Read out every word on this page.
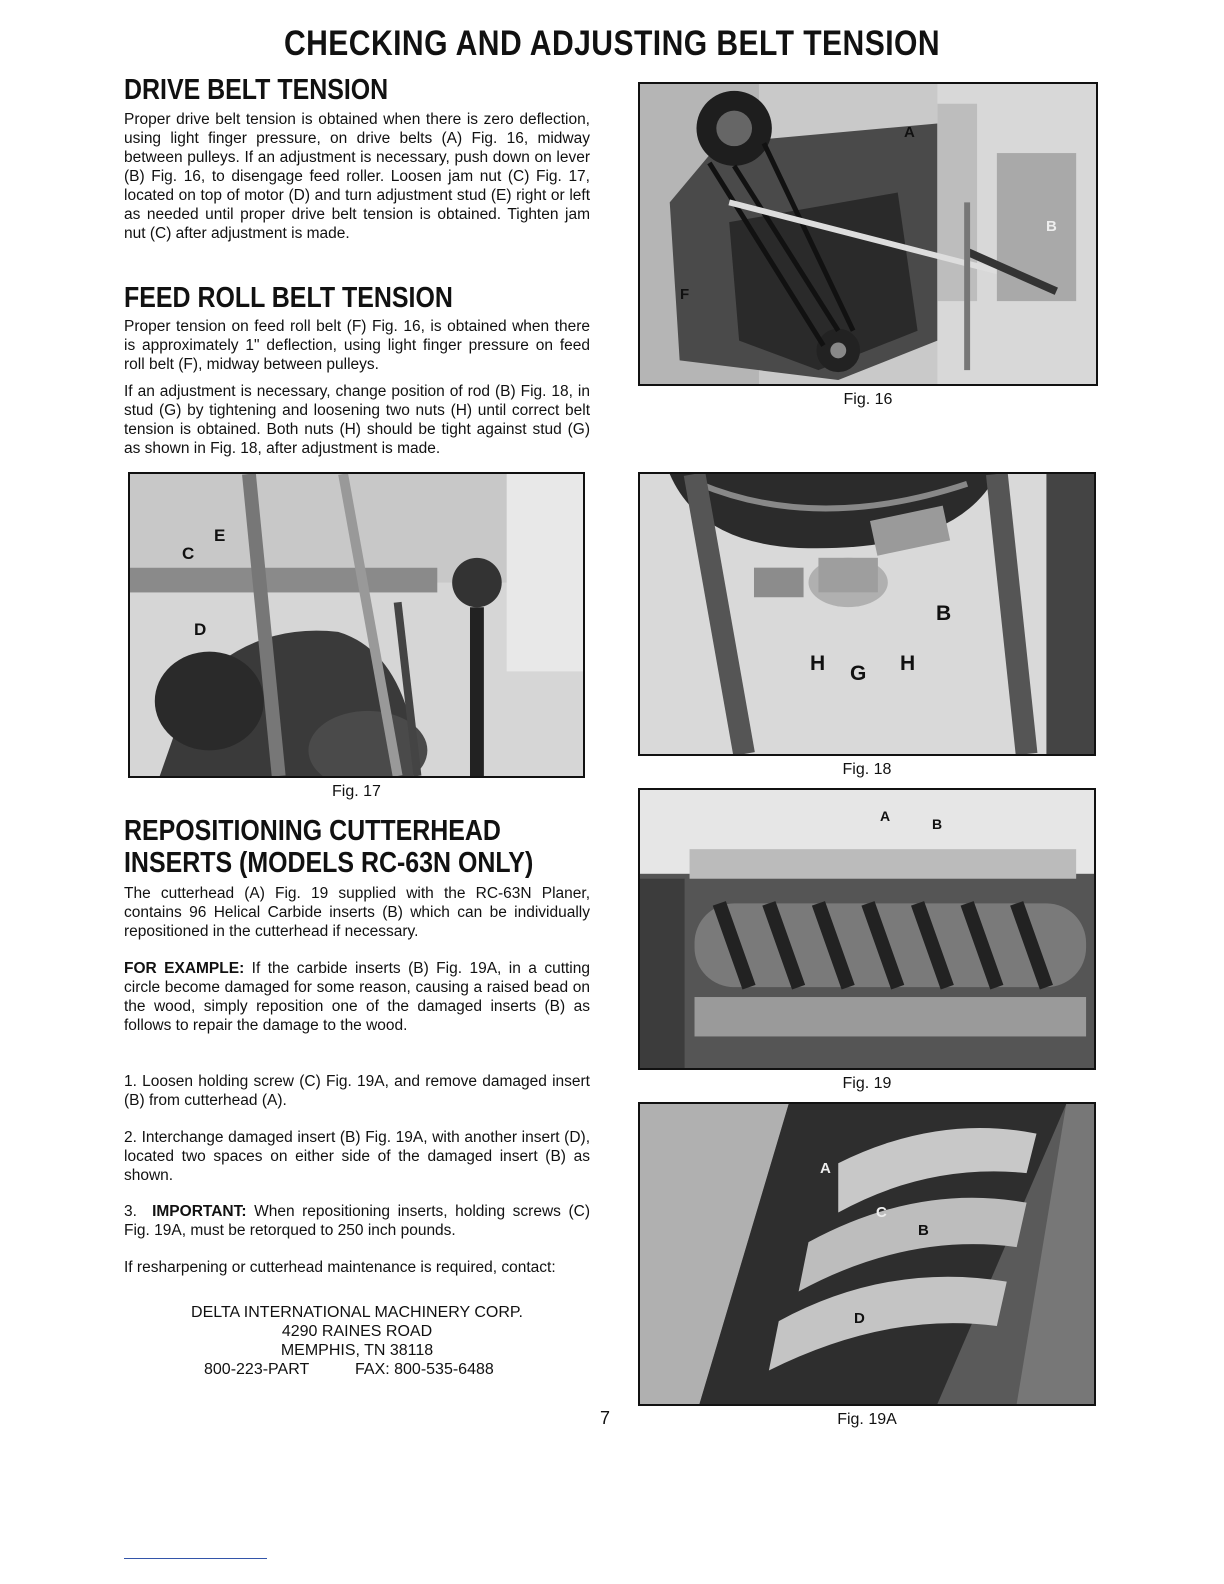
CHECKING AND ADJUSTING BELT TENSION
DRIVE BELT TENSION
Proper drive belt tension is obtained when there is zero deflection, using light finger pressure, on drive belts (A) Fig. 16, midway between pulleys. If an adjustment is necessary, push down on lever (B) Fig. 16, to disengage feed roller. Loosen jam nut (C) Fig. 17, located on top of motor (D) and turn adjustment stud (E) right or left as needed until proper drive belt tension is obtained. Tighten jam nut (C) after adjustment is made.
FEED ROLL BELT TENSION
Proper tension on feed roll belt (F) Fig. 16, is obtained when there is approximately 1" deflection, using light finger pressure on feed roll belt (F), midway between pulleys.
If an adjustment is necessary, change position of rod (B) Fig. 18, in stud (G) by tightening and loosening two nuts (H) until correct belt tension is obtained. Both nuts (H) should be tight against stud (G) as shown in Fig. 18, after adjustment is made.
E
C
D
Fig. 17
REPOSITIONING CUTTERHEAD
INSERTS (MODELS RC-63N ONLY)
The cutterhead (A) Fig. 19 supplied with the RC-63N Planer, contains 96 Helical Carbide inserts (B) which can be individually repositioned in the cutterhead if necessary.
FOR EXAMPLE: If the carbide inserts (B) Fig. 19A, in a cutting circle become damaged for some reason, causing a raised bead on the wood, simply reposition one of the damaged inserts (B) as follows to repair the damage to the wood.
1. Loosen holding screw (C) Fig. 19A, and remove damaged insert (B) from cutterhead (A).
2. Interchange damaged insert (B) Fig. 19A, with another insert (D), located two spaces on either side of the damaged insert (B) as shown.
3. IMPORTANT: When repositioning inserts, holding screws (C) Fig. 19A, must be retorqued to 250 inch pounds.
If resharpening or cutterhead maintenance is required, contact:
DELTA INTERNATIONAL MACHINERY CORP.
4290 RAINES ROAD
MEMPHIS, TN 38118
800-223-PART	FAX: 800-535-6488
A
B
F
Fig. 16
B
H G H
Fig. 18
A	B
Fig. 19
A
C
B
D
Fig. 19A
7
